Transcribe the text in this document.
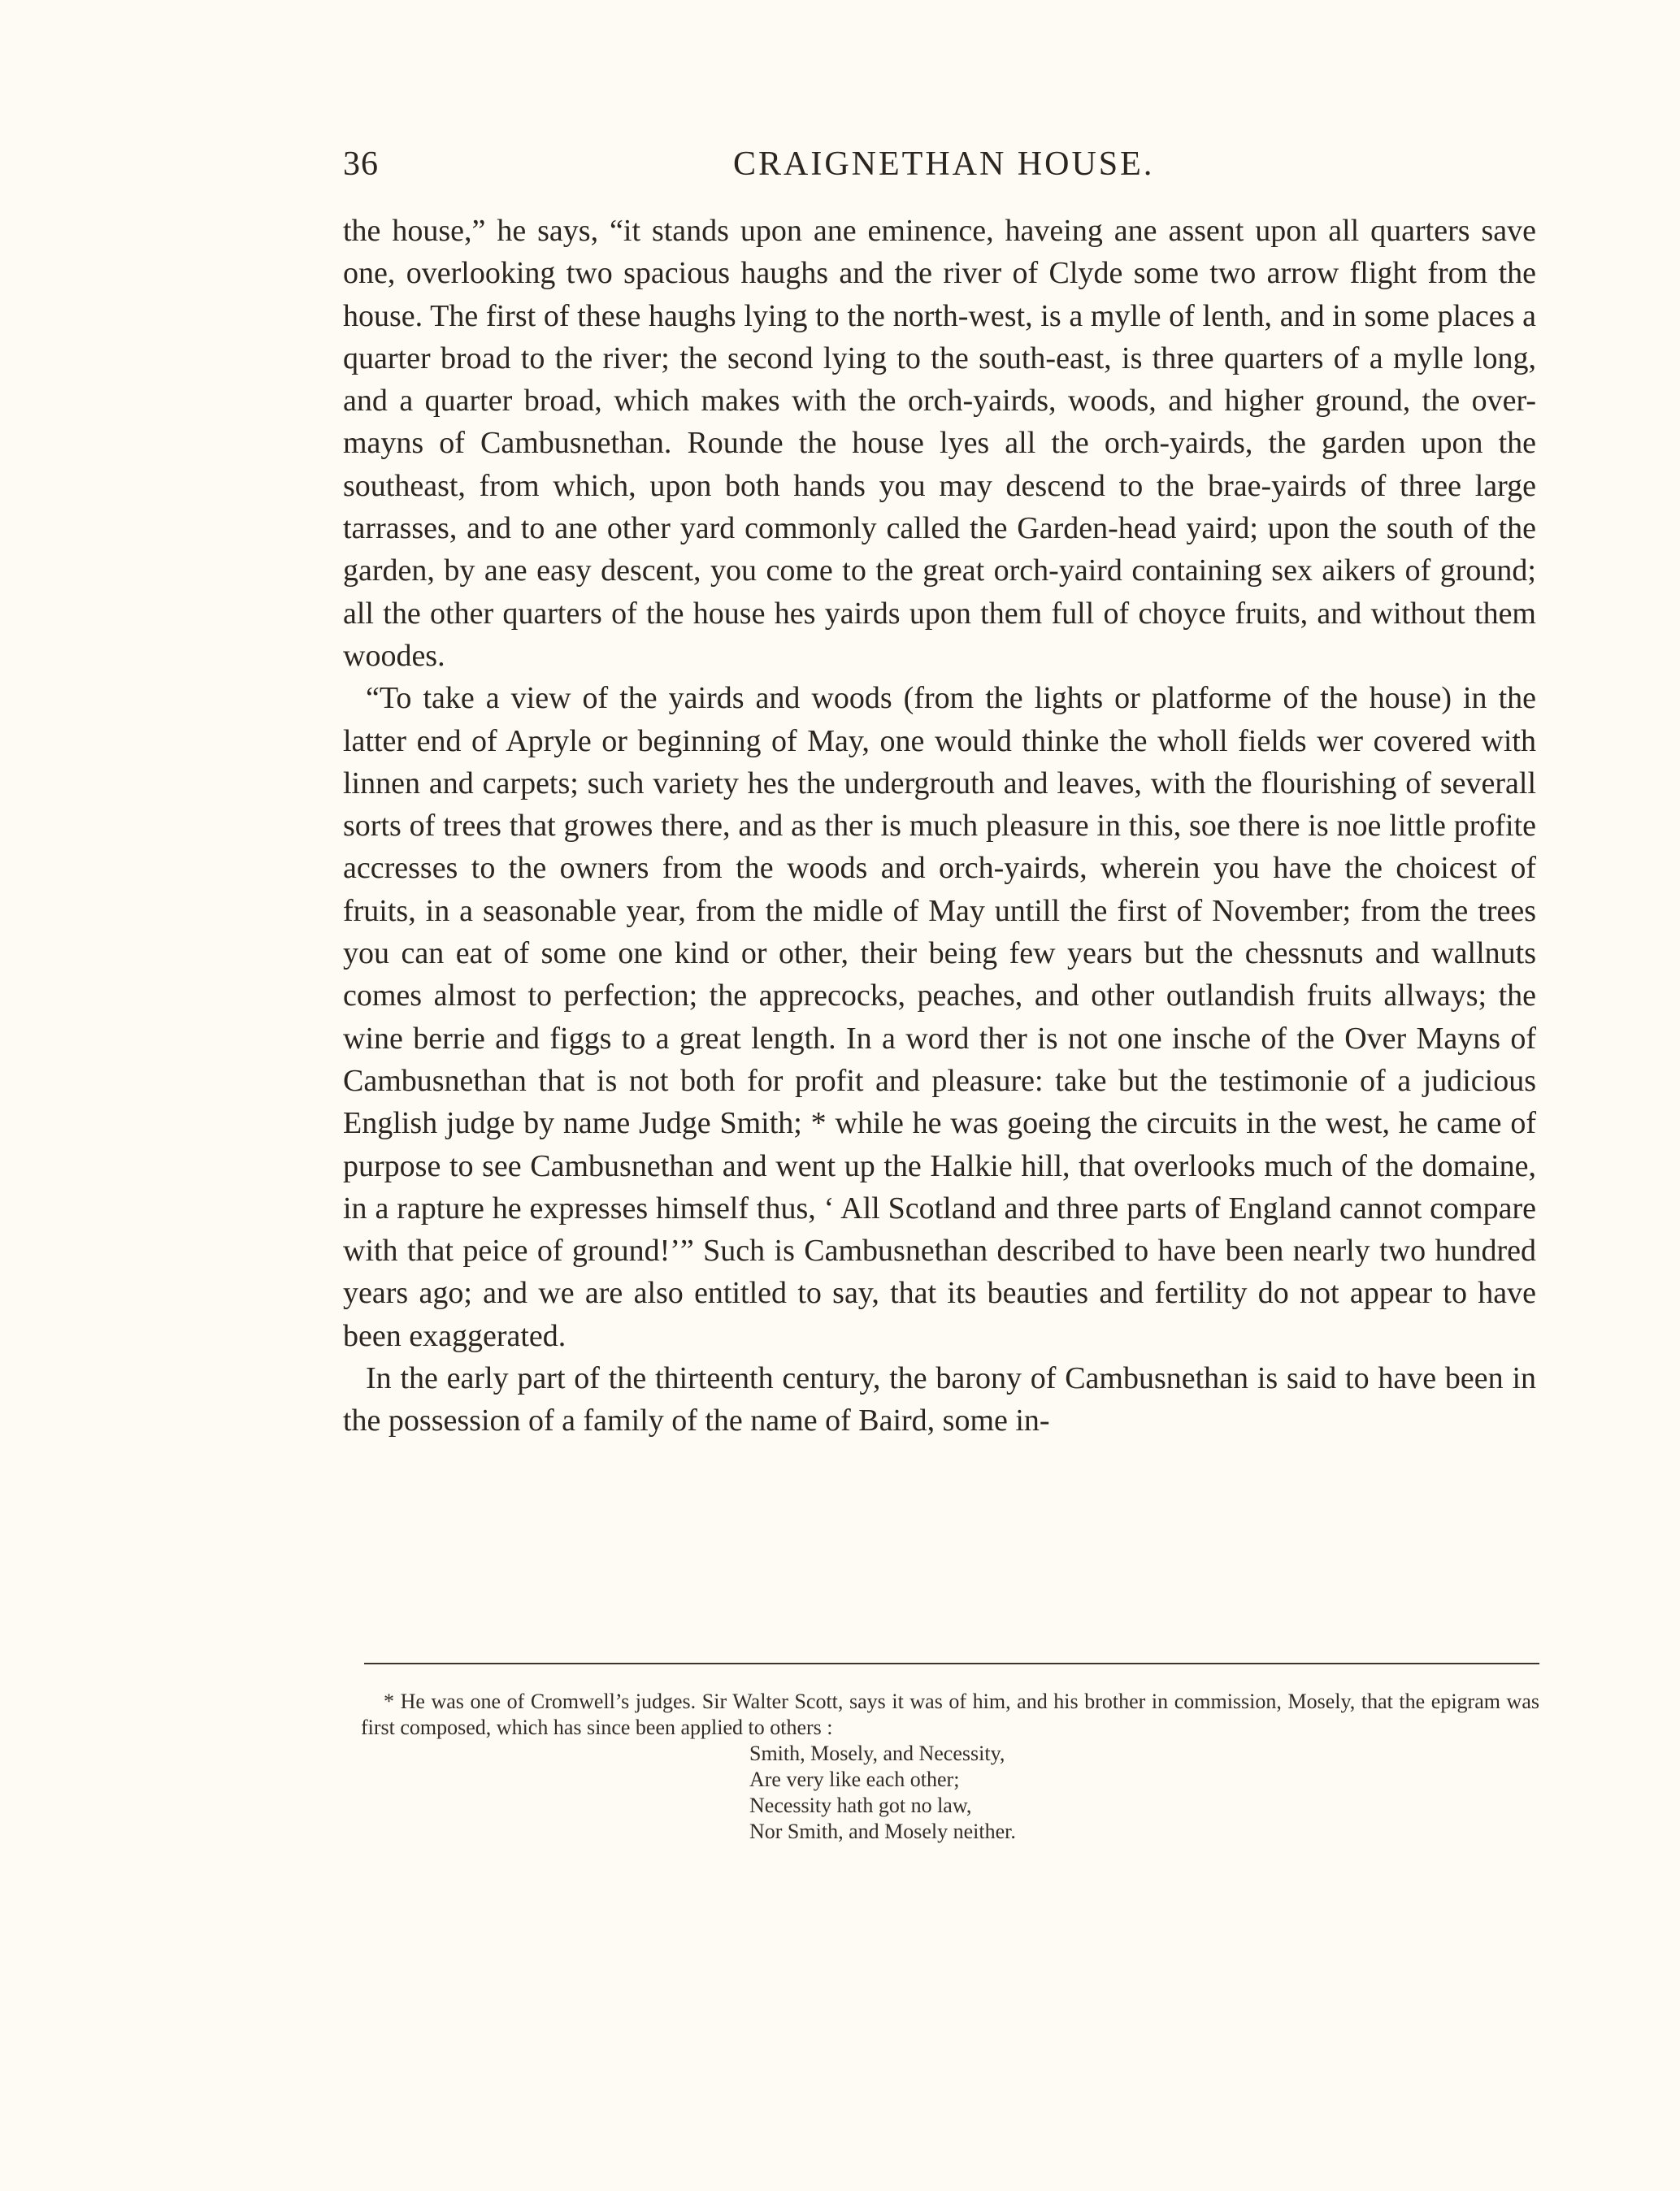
36	CRAIGNETHAN HOUSE.

the house,” he says, “it stands upon ane eminence, haveing ane assent upon all quarters save one, overlooking two spacious haughs and the river of Clyde some two arrow flight from the house. The first of these haughs lying to the north-west, is a mylle of lenth, and in some places a quarter broad to the river; the second lying to the south-east, is three quarters of a mylle long, and a quarter broad, which makes with the orch-yairds, woods, and higher ground, the over-mayns of Cambusnethan. Rounde the house lyes all the orch-yairds, the garden upon the southeast, from which, upon both hands you may descend to the brae-yairds of three large tarrasses, and to ane other yard commonly called the Garden-head yaird; upon the south of the garden, by ane easy descent, you come to the great orch-yaird containing sex aikers of ground; all the other quarters of the house hes yairds upon them full of choyce fruits, and without them woodes.

“To take a view of the yairds and woods (from the lights or platforme of the house) in the latter end of Apryle or beginning of May, one would thinke the wholl fields wer covered with linnen and carpets; such variety hes the undergrouth and leaves, with the flourishing of severall sorts of trees that growes there, and as ther is much pleasure in this, soe there is noe little profite accresses to the owners from the woods and orch-yairds, wherein you have the choicest of fruits, in a seasonable year, from the midle of May untill the first of November; from the trees you can eat of some one kind or other, their being few years but the chessnuts and wallnuts comes almost to perfection; the apprecocks, peaches, and other outlandish fruits allways; the wine berrie and figgs to a great length. In a word ther is not one insche of the Over Mayns of Cambusnethan that is not both for profit and pleasure: take but the testimonie of a judicious English judge by name Judge Smith; * while he was goeing the circuits in the west, he came of purpose to see Cambusnethan and went up the Halkie hill, that overlooks much of the domaine, in a rapture he expresses himself thus, ‘ All Scotland and three parts of England cannot compare with that peice of ground!’” Such is Cambusnethan described to have been nearly two hundred years ago; and we are also entitled to say, that its beauties and fertility do not appear to have been exaggerated.

In the early part of the thirteenth century, the barony of Cambusnethan is said to have been in the possession of a family of the name of Baird, some in-

* He was one of Cromwell’s judges. Sir Walter Scott, says it was of him, and his brother in commission, Mosely, that the epigram was first composed, which has since been applied to others :

Smith, Mosely, and Necessity,
Are very like each other;
Necessity hath got no law,
Nor Smith, and Mosely neither.
